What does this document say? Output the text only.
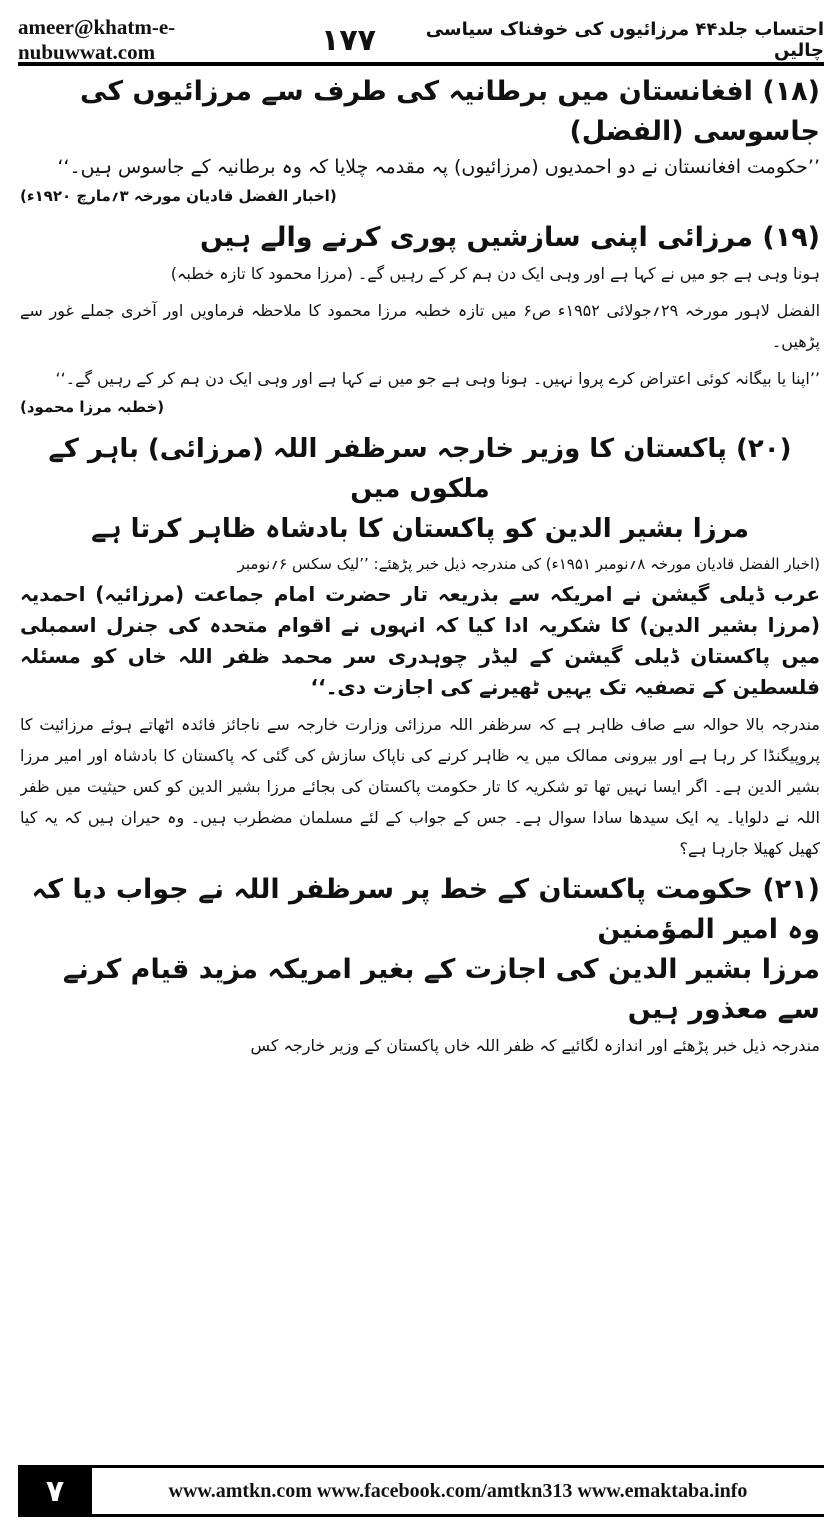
ameer@khatm-e-nubuwwat.com	۱۷۷	احتساب جلد۴۴ مرزائیوں کی خوفناک سیاسی چالیں
(۱۸) افغانستان میں برطانیہ کی طرف سے مرزائیوں کی جاسوسی (الفضل)

’’حکومت افغانستان نے دو احمدیوں (مرزائیوں) پہ مقدمہ چلایا کہ وہ برطانیہ کے جاسوس ہیں۔‘‘
(اخبار الفضل قادیان مورخہ ۳؍مارچ ۱۹۲۰ء)

(۱۹) مرزائی اپنی سازشیں پوری کرنے والے ہیں

ہونا وہی ہے جو میں نے کہا ہے اور وہی ایک دن ہم کر کے رہیں گے۔ (مرزا محمود کا تازہ خطبہ)

الفضل لاہور مورخہ ۲۹؍جولائی ۱۹۵۲ء ص۶ میں تازہ خطبہ مرزا محمود کا ملاحظہ فرماویں اور آخری جملے غور سے پڑھیں۔

’’اپنا یا بیگانہ کوئی اعتراض کرے پروا نہیں۔ ہونا وہی ہے جو میں نے کہا ہے اور وہی ایک دن ہم کر کے رہیں گے۔‘‘
(خطبہ مرزا محمود)

(۲۰) پاکستان کا وزیر خارجہ سرظفر اللہ (مرزائی) باہر کے ملکوں میں
مرزا بشیر الدین کو پاکستان کا بادشاہ ظاہر کرتا ہے

(اخبار الفضل قادیان مورخہ ۸؍نومبر ۱۹۵۱ء) کی مندرجہ ذیل خبر پڑھئے: ’’لیک سکس ۶؍نومبر

عرب ڈیلی گیشن نے امریکہ سے بذریعہ تار حضرت امام جماعت (مرزائیہ) احمدیہ (مرزا بشیر الدین) کا شکریہ ادا کیا کہ انہوں نے اقوام متحدہ کی جنرل اسمبلی میں پاکستان ڈیلی گیشن کے لیڈر چوہدری سر محمد ظفر اللہ خاں کو مسئلہ فلسطین کے تصفیہ تک یہیں ٹھیرنے کی اجازت دی۔‘‘

مندرجہ بالا حوالہ سے صاف ظاہر ہے کہ سرظفر اللہ مرزائی وزارت خارجہ سے ناجائز فائدہ اٹھاتے ہوئے مرزائیت کا پروپیگنڈا کر رہا ہے اور بیرونی ممالک میں یہ ظاہر کرنے کی ناپاک سازش کی گئی کہ پاکستان کا بادشاہ اور امیر مرزا بشیر الدین ہے۔ اگر ایسا نہیں تھا تو شکریہ کا تار حکومت پاکستان کی بجائے مرزا بشیر الدین کو کس حیثیت میں ظفر اللہ نے دلوایا۔ یہ ایک سیدھا سادا سوال ہے۔ جس کے جواب کے لئے مسلمان مضطرب ہیں۔ وہ حیران ہیں کہ یہ کیا کھیل کھیلا جارہا ہے؟

(۲۱) حکومت پاکستان کے خط پر سرظفر اللہ نے جواب دیا کہ وہ امیر المؤمنین
مرزا بشیر الدین کی اجازت کے بغیر امریکہ مزید قیام کرنے سے معذور ہیں

مندرجہ ذیل خبر پڑھئے اور اندازہ لگائیے کہ ظفر اللہ خاں پاکستان کے وزیر خارجہ کس

۷	www.amtkn.com www.facebook.com/amtkn313 www.emaktaba.info
